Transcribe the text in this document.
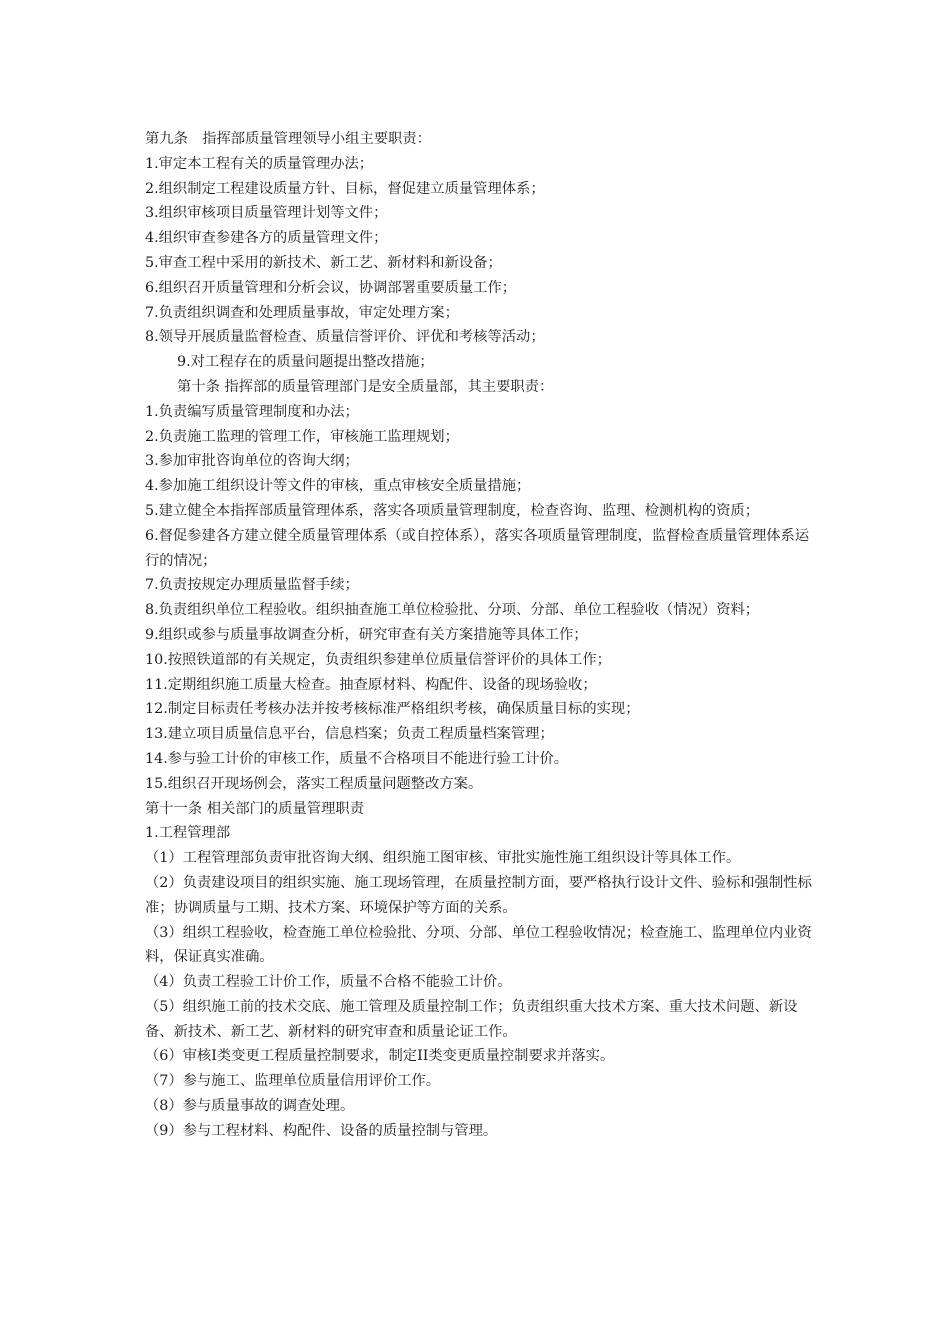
第九条　指挥部质量管理领导小组主要职责：
1.审定本工程有关的质量管理办法；
2.组织制定工程建设质量方针、目标，督促建立质量管理体系；
3.组织审核项目质量管理计划等文件；
4.组织审查参建各方的质量管理文件；
5.审查工程中采用的新技术、新工艺、新材料和新设备；
6.组织召开质量管理和分析会议，协调部署重要质量工作；
7.负责组织调查和处理质量事故，审定处理方案；
8.领导开展质量监督检查、质量信誉评价、评优和考核等活动；
9.对工程存在的质量问题提出整改措施；
第十条 指挥部的质量管理部门是安全质量部，其主要职责：
1.负责编写质量管理制度和办法；
2.负责施工监理的管理工作，审核施工监理规划；
3.参加审批咨询单位的咨询大纲；
4.参加施工组织设计等文件的审核，重点审核安全质量措施；
5.建立健全本指挥部质量管理体系，落实各项质量管理制度，检查咨询、监理、检测机构的资质；
6.督促参建各方建立健全质量管理体系（或自控体系），落实各项质量管理制度，监督检查质量管理体系运行的情况；
7.负责按规定办理质量监督手续；
8.负责组织单位工程验收。组织抽查施工单位检验批、分项、分部、单位工程验收（情况）资料；
9.组织或参与质量事故调查分析，研究审查有关方案措施等具体工作；
10.按照铁道部的有关规定，负责组织参建单位质量信誉评价的具体工作；
11.定期组织施工质量大检查。抽查原材料、构配件、设备的现场验收；
12.制定目标责任考核办法并按考核标准严格组织考核，确保质量目标的实现；
13.建立项目质量信息平台，信息档案；负责工程质量档案管理；
14.参与验工计价的审核工作，质量不合格项目不能进行验工计价。
15.组织召开现场例会，落实工程质量问题整改方案。
第十一条 相关部门的质量管理职责
1.工程管理部
（1）工程管理部负责审批咨询大纲、组织施工图审核、审批实施性施工组织设计等具体工作。
（2）负责建设项目的组织实施、施工现场管理，在质量控制方面，要严格执行设计文件、验标和强制性标准；协调质量与工期、技术方案、环境保护等方面的关系。
（3）组织工程验收，检查施工单位检验批、分项、分部、单位工程验收情况；检查施工、监理单位内业资料，保证真实准确。
（4）负责工程验工计价工作，质量不合格不能验工计价。
（5）组织施工前的技术交底、施工管理及质量控制工作；负责组织重大技术方案、重大技术问题、新设备、新技术、新工艺、新材料的研究审查和质量论证工作。
（6）审核I类变更工程质量控制要求，制定II类变更质量控制要求并落实。
（7）参与施工、监理单位质量信用评价工作。
（8）参与质量事故的调查处理。
（9）参与工程材料、构配件、设备的质量控制与管理。
